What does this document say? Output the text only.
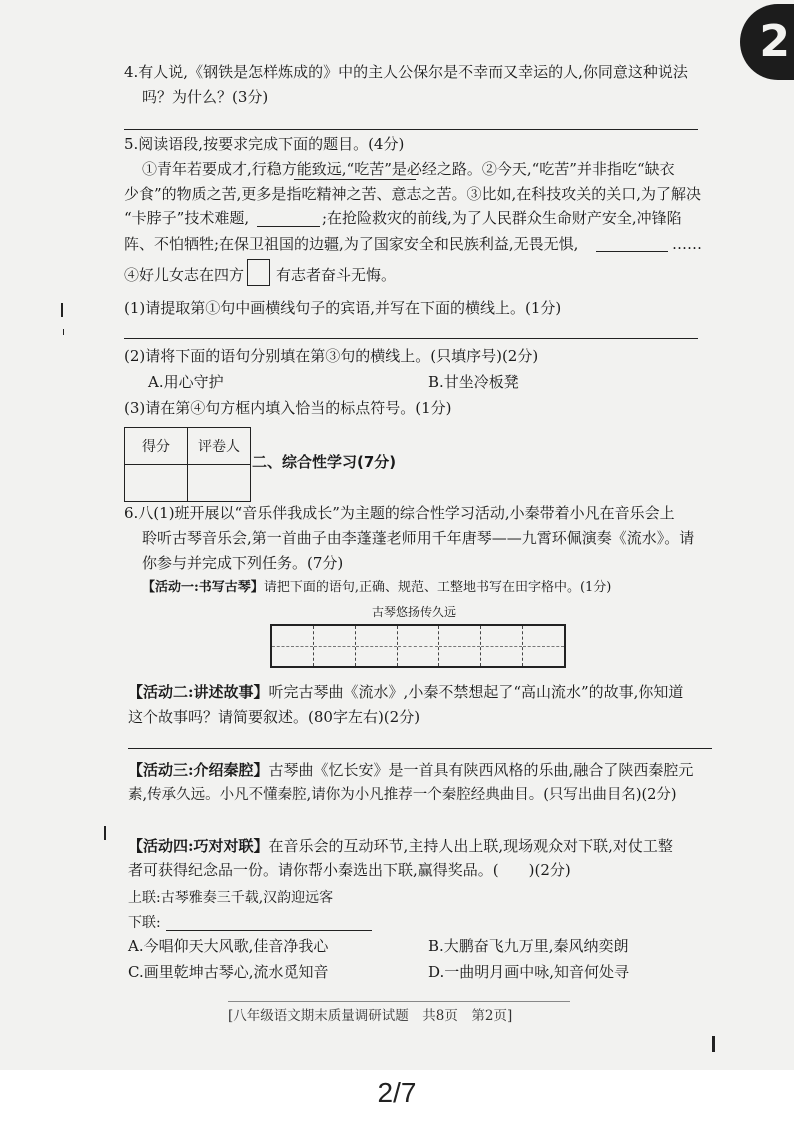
2
4.有人说,《钢铁是怎样炼成的》中的主人公保尔是不幸而又幸运的人,你同意这种说法
吗？为什么？(3分)
5.阅读语段,按要求完成下面的题目。(4分)
①青年若要成才,行稳方能致远,“吃苦”是必经之路。②今天,“吃苦”并非指吃“缺衣
少食”的物质之苦,更多是指吃精神之苦、意志之苦。③比如,在科技攻关的关口,为了解决
“卡脖子”技术难题,	;在抢险救灾的前线,为了人民群众生命财产安全,冲锋陷
阵、不怕牺牲;在保卫祖国的边疆,为了国家安全和民族利益,无畏无惧,	……
④好儿女志在四方 有志者奋斗无悔。
(1)请提取第①句中画横线句子的宾语,并写在下面的横线上。(1分)
(2)请将下面的语句分别填在第③句的横线上。(只填序号)(2分)
A.用心守护	B.甘坐冷板凳
(3)请在第④句方框内填入恰当的标点符号。(1分)
得分	评卷人

二、综合性学习(7分)
6.八(1)班开展以“音乐伴我成长”为主题的综合性学习活动,小秦带着小凡在音乐会上
聆听古琴音乐会,第一首曲子由李蓬蓬老师用千年唐琴——九霄环佩演奏《流水》。请
你参与并完成下列任务。(7分)
【活动一:书写古琴】请把下面的语句,正确、规范、工整地书写在田字格中。(1分)
古琴悠扬传久远
【活动二:讲述故事】听完古琴曲《流水》,小秦不禁想起了“高山流水”的故事,你知道
这个故事吗？请简要叙述。(80字左右)(2分)
【活动三:介绍秦腔】古琴曲《忆长安》是一首具有陕西风格的乐曲,融合了陕西秦腔元
素,传承久远。小凡不懂秦腔,请你为小凡推荐一个秦腔经典曲目。(只写出曲目名)(2分)
【活动四:巧对对联】在音乐会的互动环节,主持人出上联,现场观众对下联,对仗工整
者可获得纪念品一份。请你帮小秦选出下联,赢得奖品。(　　)(2分)
上联:古琴雅奏三千载,汉韵迎远客
下联:
A.今唱仰天大风歌,佳音净我心	B.大鹏奋飞九万里,秦风纳奕朗
C.画里乾坤古琴心,流水觅知音	D.一曲明月画中咏,知音何处寻
[八年级语文期末质量调研试题　共8页　第2页]
2/7
